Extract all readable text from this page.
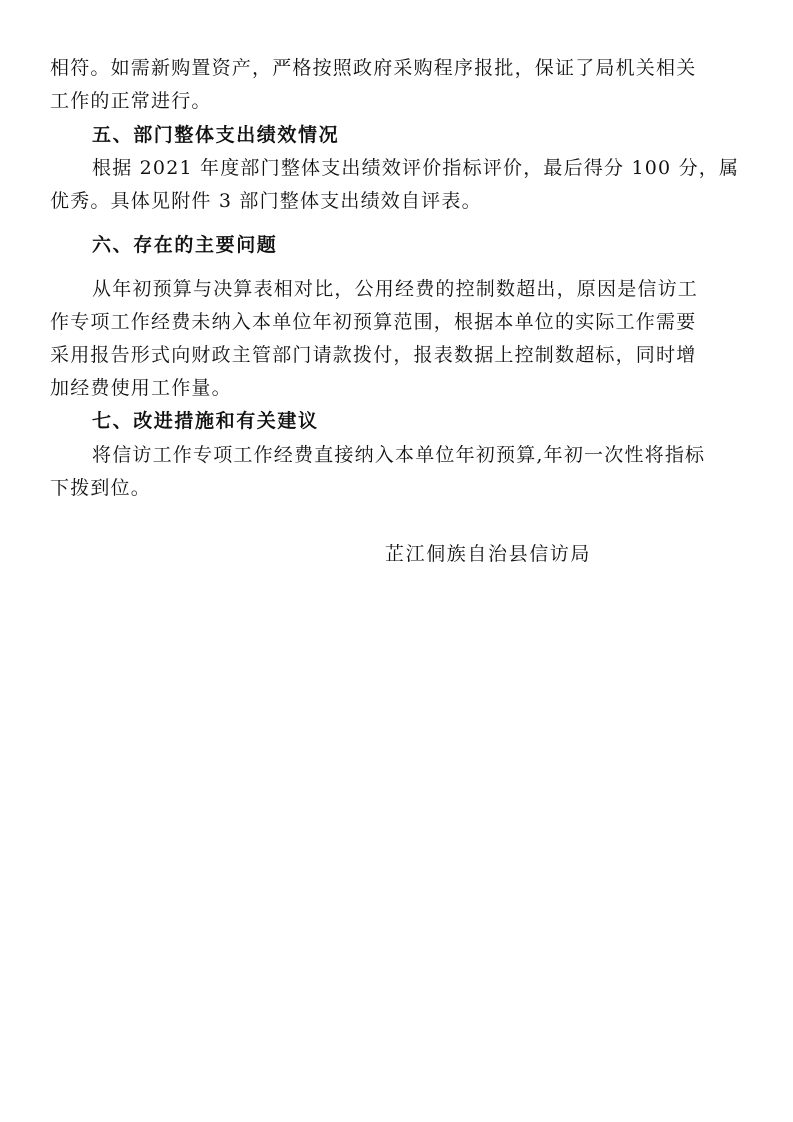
相符。如需新购置资产，严格按照政府采购程序报批，保证了局机关相关
工作的正常进行。
五、部门整体支出绩效情况
根据 2021 年度部门整体支出绩效评价指标评价，最后得分 100 分，属
优秀。具体见附件 3 部门整体支出绩效自评表。
六、存在的主要问题
从年初预算与决算表相对比，公用经费的控制数超出，原因是信访工
作专项工作经费未纳入本单位年初预算范围，根据本单位的实际工作需要
采用报告形式向财政主管部门请款拨付，报表数据上控制数超标，同时增
加经费使用工作量。
七、改进措施和有关建议
将信访工作专项工作经费直接纳入本单位年初预算,年初一次性将指标
下拨到位。
芷江侗族自治县信访局
